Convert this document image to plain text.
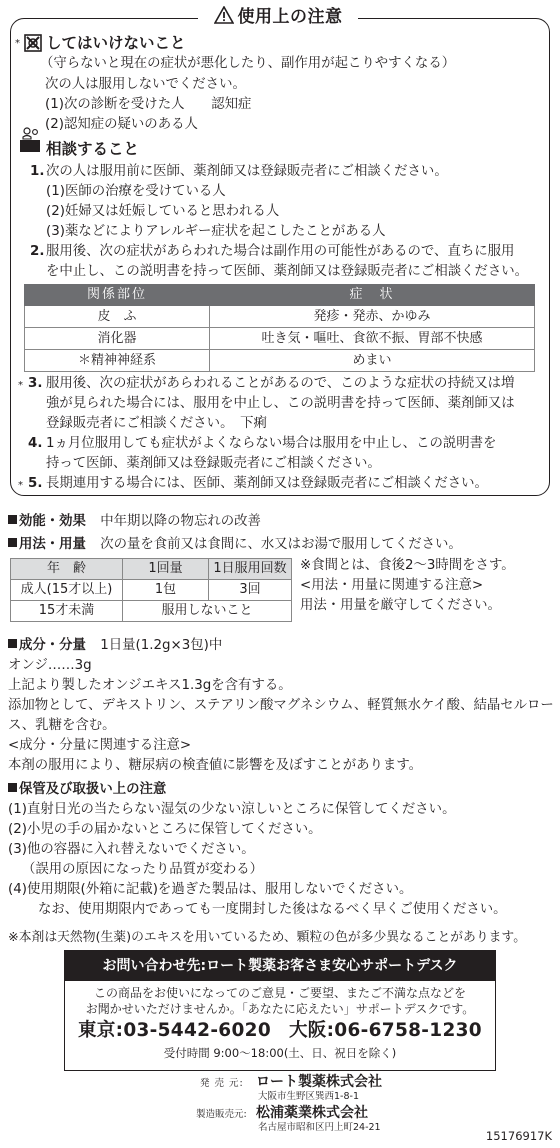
使用上の注意
* してはいけないこと
（守らないと現在の症状が悪化したり、副作用が起こりやすくなる）
次の人は服用しないでください。
(1)次の診断を受けた人　　認知症
(2)認知症の疑いのある人
相談すること
1. 次の人は服用前に医師、薬剤師又は登録販売者にご相談ください。
(1)医師の治療を受けている人
(2)妊婦又は妊娠していると思われる人
(3)薬などによりアレルギー症状を起こしたことがある人
2. 服用後、次の症状があらわれた場合は副作用の可能性があるので、直ちに服用
を中止し、この説明書を持って医師、薬剤師又は登録販売者にご相談ください。
関係部位	症　状
皮　ふ	発疹・発赤、かゆみ
消化器	吐き気・嘔吐、食欲不振、胃部不快感
＊精神神経系	めまい
* 3. 服用後、次の症状があらわれることがあるので、このような症状の持続又は増
強が見られた場合には、服用を中止し、この説明書を持って医師、薬剤師又は
登録販売者にご相談ください。　下痢
4. 1ヵ月位服用しても症状がよくならない場合は服用を中止し、この説明書を
持って医師、薬剤師又は登録販売者にご相談ください。
* 5. 長期連用する場合には、医師、薬剤師又は登録販売者にご相談ください。
効能・効果 中年期以降の物忘れの改善
用法・用量 次の量を食前又は食間に、水又はお湯で服用してください。
年　齢	1回量	1日服用回数
成人(15才以上)	1包	3回
15才未満	服用しないこと	
※食間とは、食後2～3時間をさす。
<用法・用量に関連する注意>
用法・用量を厳守してください。
成分・分量 1日量(1.2g×3包)中
オンジ……3g
上記より製したオンジエキス1.3gを含有する。
添加物として、デキストリン、ステアリン酸マグネシウム、軽質無水ケイ酸、結晶セルロー
ス、乳糖を含む。
<成分・分量に関連する注意>
本剤の服用により、糖尿病の検査値に影響を及ぼすことがあります。
保管及び取扱い上の注意
(1)直射日光の当たらない湿気の少ない涼しいところに保管してください。
(2)小児の手の届かないところに保管してください。
(3)他の容器に入れ替えないでください。
（誤用の原因になったり品質が変わる）
(4)使用期限(外箱に記載)を過ぎた製品は、服用しないでください。
なお、使用期限内であっても一度開封した後はなるべく早くご使用ください。
※本剤は天然物(生薬)のエキスを用いているため、顆粒の色が多少異なることがあります。
お問い合わせ先:ロート製薬お客さま安心サポートデスク
この商品をお使いになってのご意見・ご要望、またご不満な点などを
お聞かせいただけませんか。「あなたに応えたい」サポートデスクです。
東京:03-5442-6020 大阪:06-6758-1230
受付時間 9:00～18:00(土、日、祝日を除く)
発 売 元: ロート製薬株式会社
大阪市生野区巽西1-8-1
製造販売元: 松浦薬業株式会社
名古屋市昭和区円上町24-21
15176917K
